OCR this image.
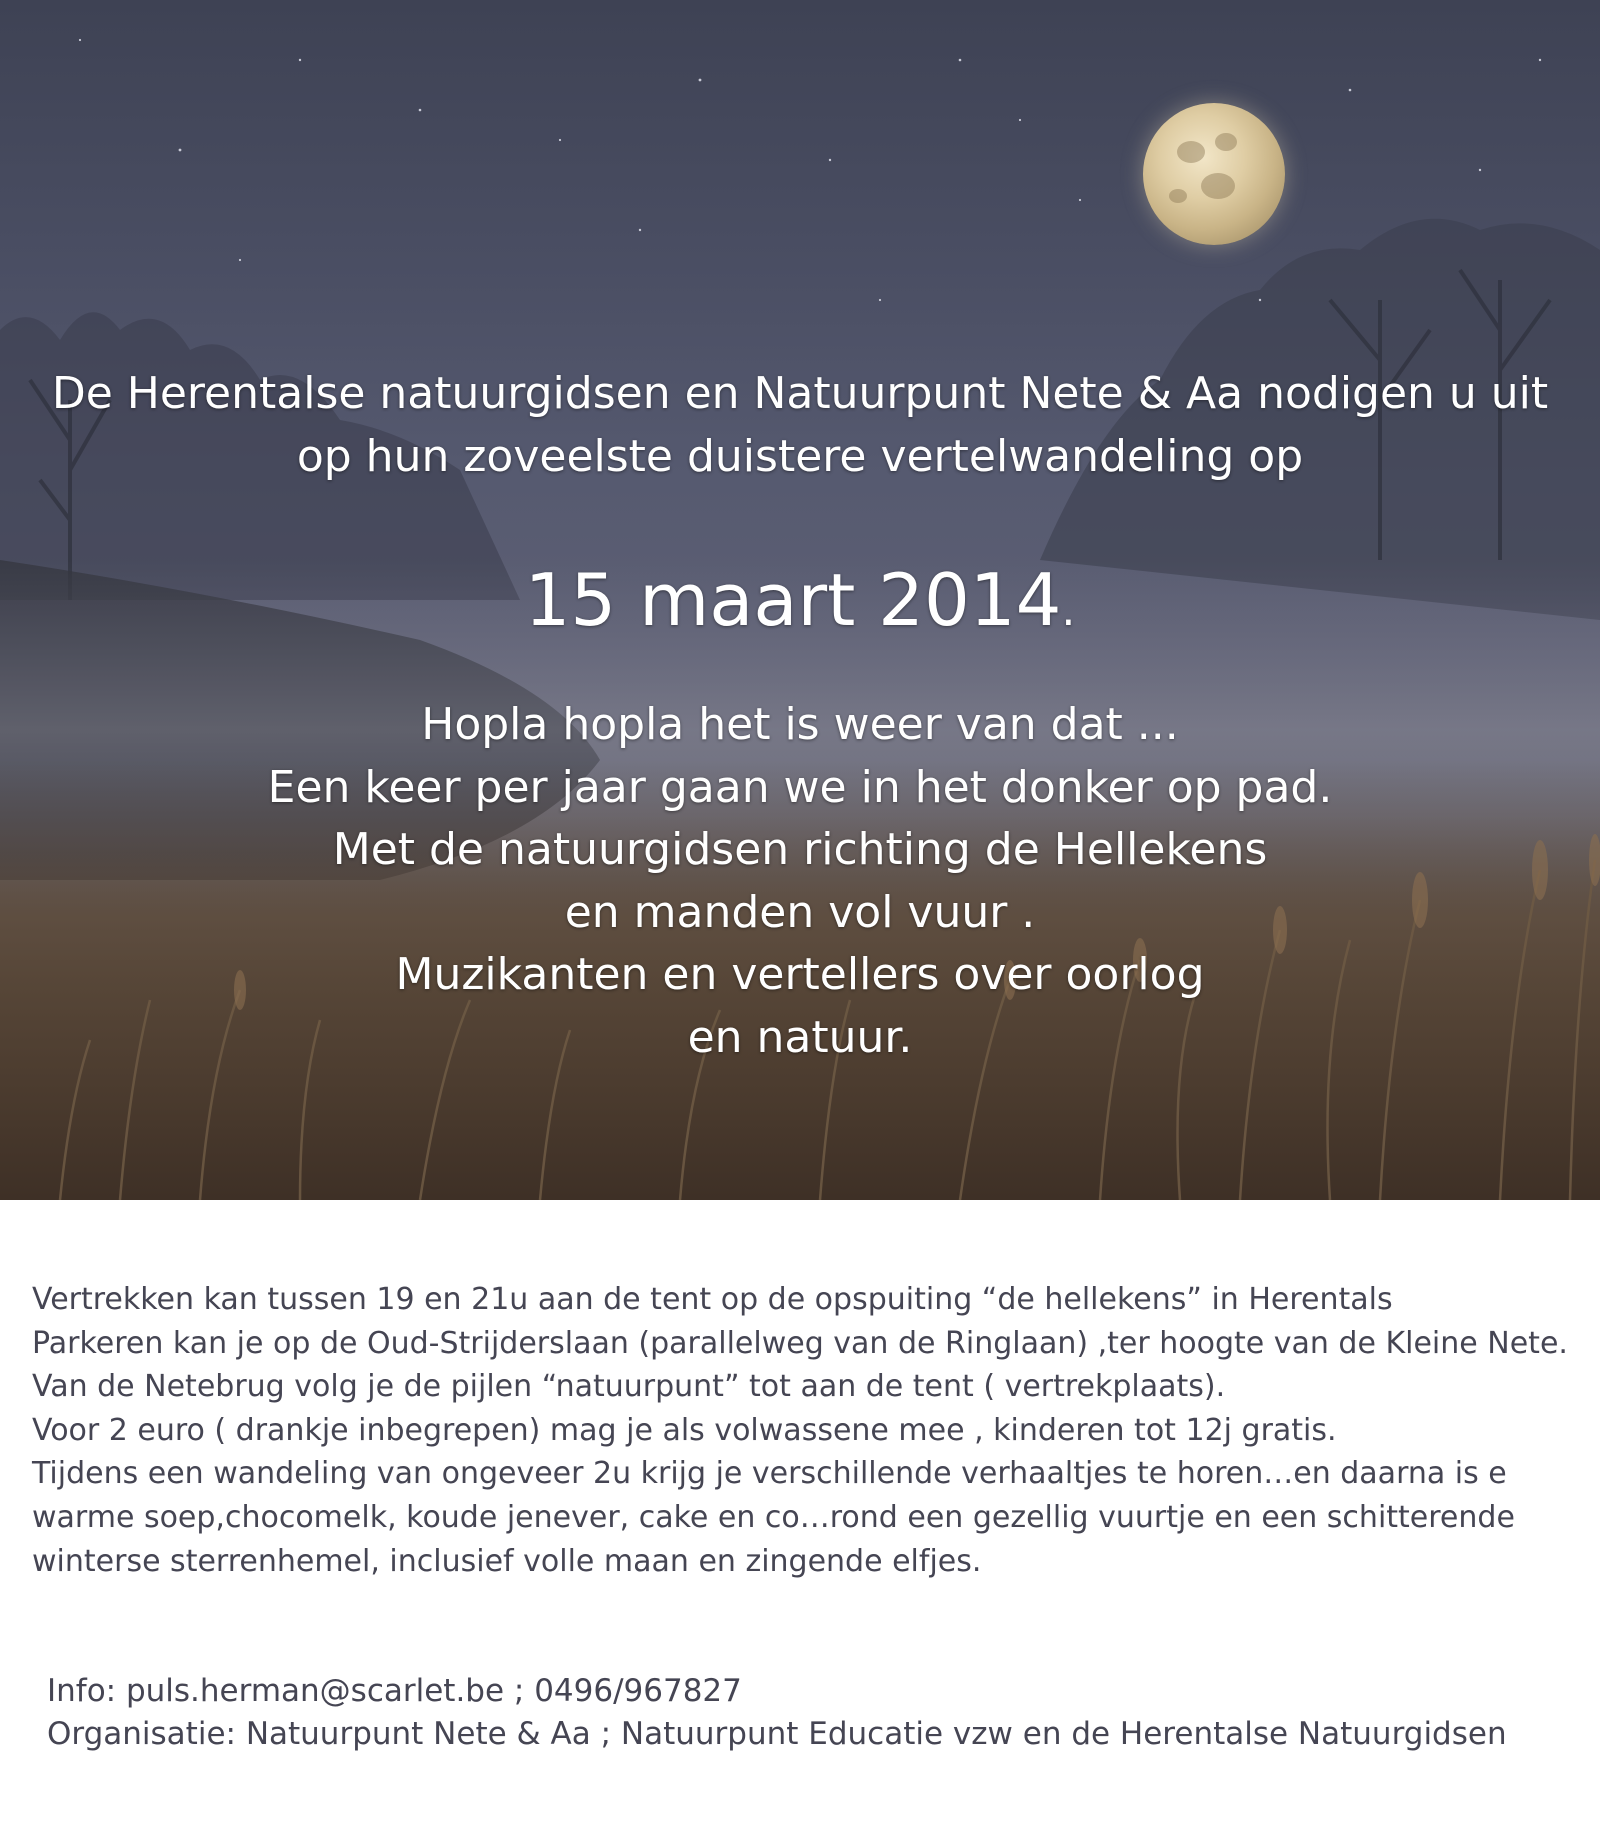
De Herentalse natuurgidsen en Natuurpunt Nete & Aa nodigen u uit
op hun zoveelste duistere vertelwandeling op
15 maart 2014.
Hopla hopla het is weer van dat ...
Een keer per jaar gaan we in het donker op pad.
Met de natuurgidsen richting de Hellekens
en manden vol vuur .
Muzikanten en vertellers over oorlog
en natuur.
Vertrekken kan tussen 19 en 21u aan de tent op de opspuiting “de hellekens” in Herentals
Parkeren kan je op de Oud-Strijderslaan (parallelweg van de Ringlaan) ,ter hoogte van de Kleine Nete.
Van de Netebrug volg je de pijlen “natuurpunt” tot aan de tent ( vertrekplaats).
Voor 2 euro ( drankje inbegrepen) mag je als volwassene mee , kinderen tot 12j gratis.
Tijdens een wandeling van ongeveer 2u krijg je verschillende verhaaltjes te horen…en daarna is e
warme soep,chocomelk, koude jenever, cake en co…rond een gezellig vuurtje en een schitterende
winterse sterrenhemel, inclusief volle maan en zingende elfjes.
Info: puls.herman@scarlet.be ; 0496/967827
Organisatie: Natuurpunt Nete & Aa ; Natuurpunt Educatie vzw en de Herentalse Natuurgidsen
